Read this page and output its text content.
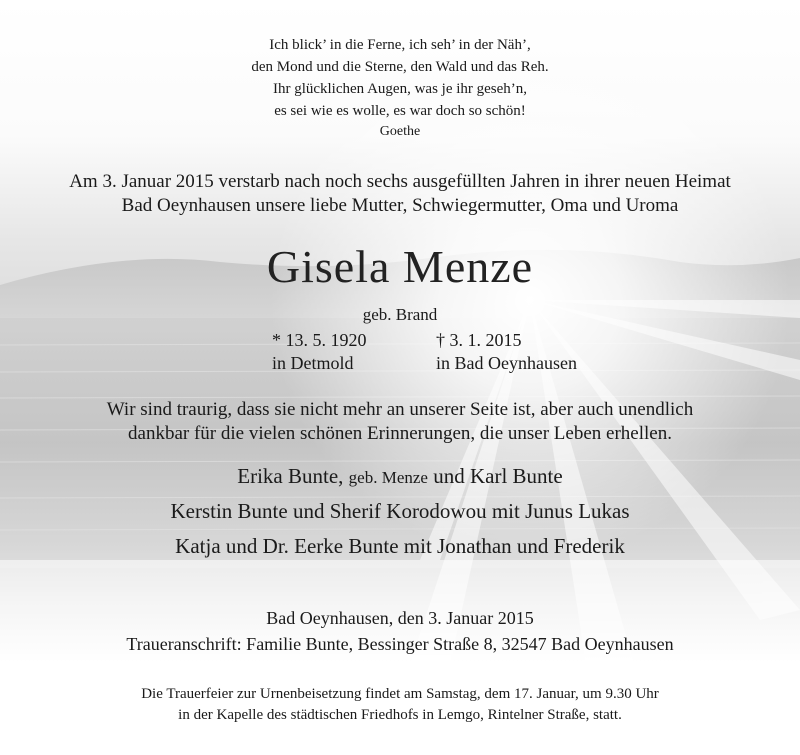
Ich blick’ in die Ferne, ich seh’ in der Näh’,
den Mond und die Sterne, den Wald und das Reh.
Ihr glücklichen Augen, was je ihr geseh’n,
es sei wie es wolle, es war doch so schön!
Goethe
Am 3. Januar 2015 verstarb nach noch sechs ausgefüllten Jahren in ihrer neuen Heimat
Bad Oeynhausen unsere liebe Mutter, Schwiegermutter, Oma und Uroma
Gisela Menze
geb. Brand
* 13. 5. 1920
in Detmold
† 3. 1. 2015
in Bad Oeynhausen
Wir sind traurig, dass sie nicht mehr an unserer Seite ist, aber auch unendlich
dankbar für die vielen schönen Erinnerungen, die unser Leben erhellen.
Erika Bunte, geb. Menze und Karl Bunte
Kerstin Bunte und Sherif Korodowou mit Junus Lukas
Katja und Dr. Eerke Bunte mit Jonathan und Frederik
Bad Oeynhausen, den 3. Januar 2015
Traueranschrift: Familie Bunte, Bessinger Straße 8, 32547 Bad Oeynhausen
Die Trauerfeier zur Urnenbeisetzung findet am Samstag, dem 17. Januar, um 9.30 Uhr
in der Kapelle des städtischen Friedhofs in Lemgo, Rintelner Straße, statt.
